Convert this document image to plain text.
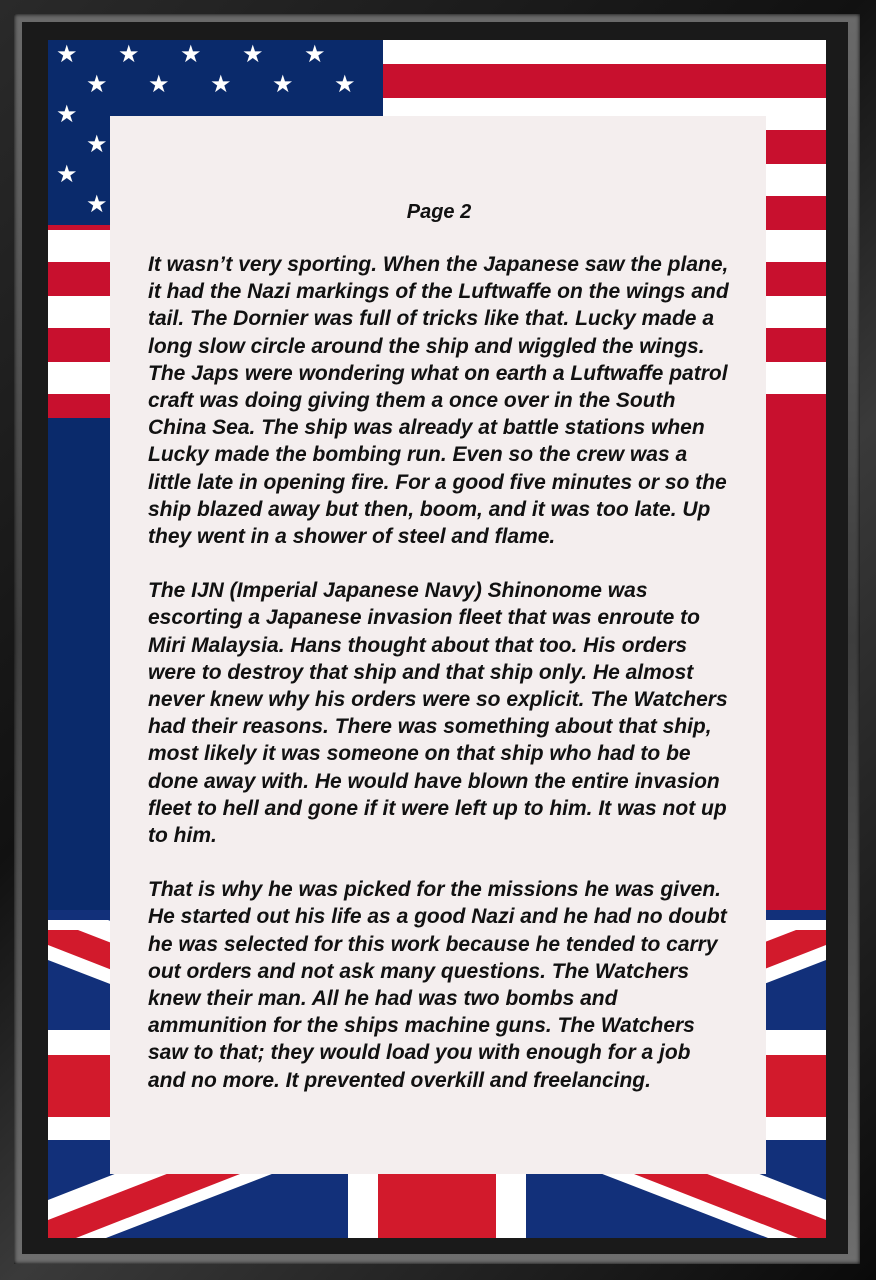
★ ★ ★ ★ ★
★ ★ ★ ★ ★
★
★
★
★	Page 2

It wasn’t very sporting. When the Japanese saw the plane, it had the Nazi markings of the Luftwaffe on the wings and tail. The Dornier was full of tricks like that. Lucky made a long slow circle around the ship and wiggled the wings. The Japs were wondering what on earth a Luftwaffe patrol craft was doing giving them a once over in the South China Sea. The ship was already at battle stations when Lucky made the bombing run. Even so the crew was a little late in opening fire. For a good five minutes or so the ship blazed away but then, boom, and it was too late. Up they went in a shower of steel and flame.

The IJN (Imperial Japanese Navy) Shinonome was escorting a Japanese invasion fleet that was enroute to Miri Malaysia. Hans thought about that too. His orders were to destroy that ship and that ship only. He almost never knew why his orders were so explicit. The Watchers had their reasons. There was something about that ship, most likely it was someone on that ship who had to be done away with. He would have blown the entire invasion fleet to hell and gone if it were left up to him. It was not up to him.

That is why he was picked for the missions he was given. He started out his life as a good Nazi and he had no doubt he was selected for this work because he tended to carry out orders and not ask many questions. The Watchers knew their man. All he had was two bombs and ammunition for the ships machine guns. The Watchers saw to that; they would load you with enough for a job and no more. It prevented overkill and freelancing.
